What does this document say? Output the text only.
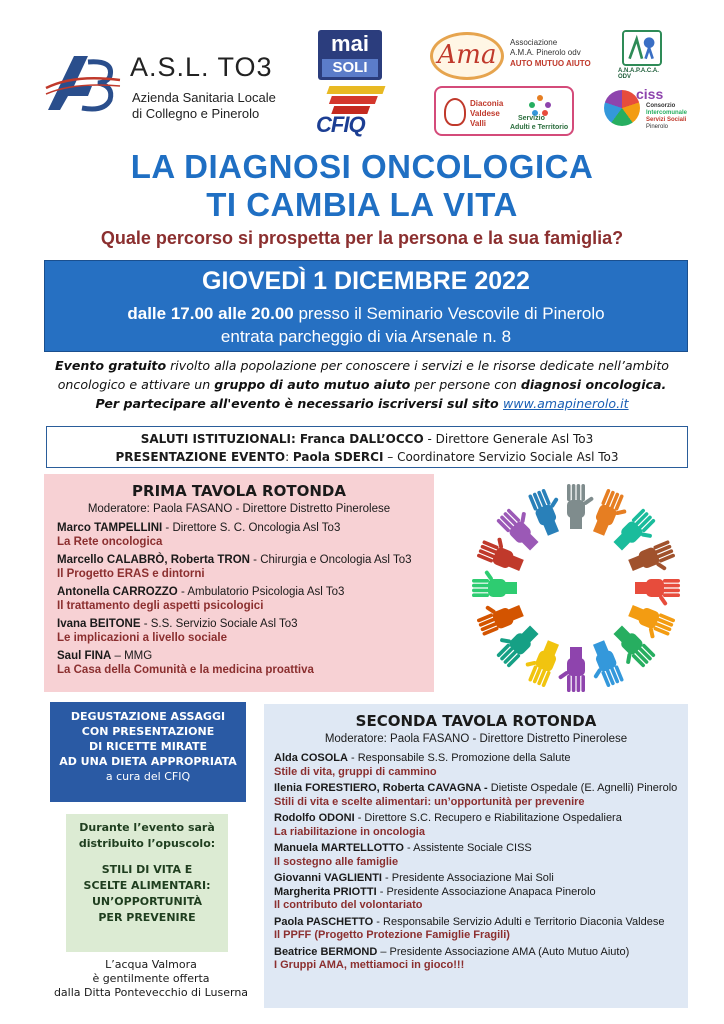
A.S.L. TO3
Azienda Sanitaria Locale
di Collegno e Pinerolo
mai
SOLI
CFIQ
Ama	Associazione
A.M.A. Pinerolo odv
AUTO MUTUO AIUTO
Diaconia
Valdese
Valli
Servizio
Adulti e Territorio
A.N.A.P.A.C.A. ODV
ciss
Consorzio
Intercomunale
Servizi Sociali
Pinerolo
LA DIAGNOSI ONCOLOGICA
TI CAMBIA LA VITA
Quale percorso si prospetta per la persona e la sua famiglia?
GIOVEDÌ 1 DICEMBRE 2022
dalle 17.00 alle 20.00 presso il Seminario Vescovile di Pinerolo
entrata parcheggio di via Arsenale n. 8
Evento gratuito rivolto alla popolazione per conoscere i servizi e le risorse dedicate nell’ambito
oncologico e attivare un gruppo di auto mutuo aiuto per persone con diagnosi oncologica.
Per partecipare all'evento è necessario iscriversi sul sito www.amapinerolo.it
SALUTI ISTITUZIONALI: Franca DALL’OCCO - Direttore Generale Asl To3
PRESENTAZIONE EVENTO: Paola SDERCI – Coordinatore Servizio Sociale Asl To3
PRIMA TAVOLA ROTONDA
Moderatore: Paola FASANO - Direttore Distretto Pinerolese
Marco TAMPELLINI - Direttore S. C. Oncologia Asl To3
La Rete oncologica
Marcello CALABRÒ, Roberta TRON - Chirurgia e Oncologia Asl To3
Il Progetto ERAS e dintorni
Antonella CARROZZO - Ambulatorio Psicologia Asl To3
Il trattamento degli aspetti psicologici
Ivana BEITONE - S.S. Servizio Sociale Asl To3
Le implicazioni a livello sociale
Saul FINA – MMG
La Casa della Comunità e la medicina proattiva
DEGUSTAZIONE ASSAGGI
CON PRESENTAZIONE
DI RICETTE MIRATE
AD UNA DIETA APPROPRIATA
a cura del CFIQ
Durante l’evento sarà
distribuito l’opuscolo:
STILI DI VITA E
SCELTE ALIMENTARI:
UN’OPPORTUNITÀ
PER PREVENIRE
L’acqua Valmora
è gentilmente offerta
dalla Ditta Pontevecchio di Luserna
SECONDA TAVOLA ROTONDA
Moderatore: Paola FASANO - Direttore Distretto Pinerolese
Alda COSOLA - Responsabile S.S. Promozione della Salute
Stile di vita, gruppi di cammino
Ilenia FORESTIERO, Roberta CAVAGNA - Dietiste Ospedale (E. Agnelli) Pinerolo
Stili di vita e scelte alimentari: un’opportunità per prevenire
Rodolfo ODONI - Direttore S.C. Recupero e Riabilitazione Ospedaliera
La riabilitazione in oncologia
Manuela MARTELLOTTO - Assistente Sociale CISS
Il sostegno alle famiglie
Giovanni VAGLIENTI - Presidente Associazione Mai Soli
Margherita PRIOTTI - Presidente Associazione Anapaca Pinerolo
Il contributo del volontariato
Paola PASCHETTO - Responsabile Servizio Adulti e Territorio Diaconia Valdese
Il PPFF (Progetto Protezione Famiglie Fragili)
Beatrice BERMOND – Presidente Associazione AMA (Auto Mutuo Aiuto)
I Gruppi AMA, mettiamoci in gioco!!!
